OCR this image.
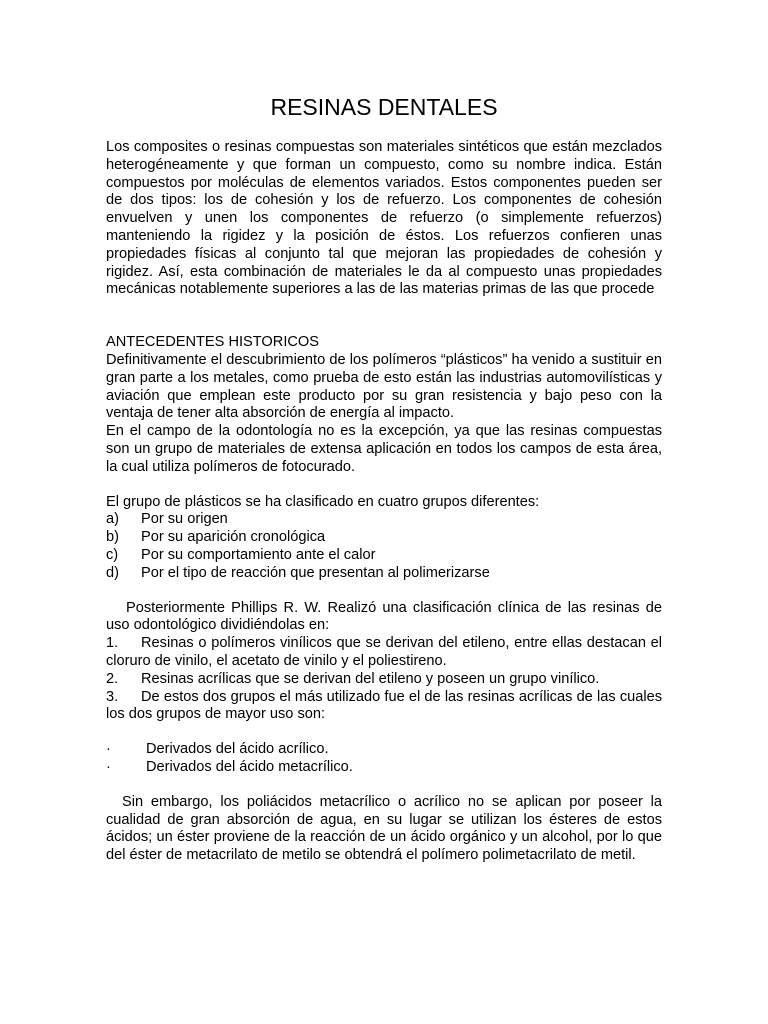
RESINAS DENTALES

Los composites o resinas compuestas son materiales sintéticos que están mezclados heterogéneamente y que forman un compuesto, como su nombre indica. Están compuestos por moléculas de elementos variados. Estos componentes pueden ser de dos tipos: los de cohesión y los de refuerzo. Los componentes de cohesión envuelven y unen los componentes de refuerzo (o simplemente refuerzos) manteniendo la rigidez y la posición de éstos. Los refuerzos confieren unas propiedades físicas al conjunto tal que mejoran las propiedades de cohesión y rigidez. Así, esta combinación de materiales le da al compuesto unas propiedades mecánicas notablemente superiores a las de las materias primas de las que procede

ANTECEDENTES HISTORICOS

Definitivamente el descubrimiento de los polímeros “plásticos” ha venido a sustituir en gran parte a los metales, como prueba de esto están las industrias automovilísticas y aviación que emplean este producto por su gran resistencia y bajo peso con la ventaja de tener alta absorción de energía al impacto.

En el campo de la odontología no es la excepción, ya que las resinas compuestas son un grupo de materiales de extensa aplicación en todos los campos de esta área, la cual utiliza polímeros de fotocurado.

El grupo de plásticos se ha clasificado en cuatro grupos diferentes:

a)	Por su origen
b)	Por su aparición cronológica
c)	Por su comportamiento ante el calor
d)	Por el tipo de reacción que presentan al polimerizarse

Posteriormente Phillips R. W. Realizó una clasificación clínica de las resinas de uso odontológico dividiéndolas en:

1. Resinas o polímeros vinílicos que se derivan del etileno, entre ellas destacan el cloruro de vinilo, el acetato de vinilo y el poliestireno.

2. Resinas acrílicas que se derivan del etileno y poseen un grupo vinílico.

3. De estos dos grupos el más utilizado fue el de las resinas acrílicas de las cuales los dos grupos de mayor uso son:

·	Derivados del ácido acrílico.
·	Derivados del ácido metacrílico.

Sin embargo, los poliácidos metacrílico o acrílico no se aplican por poseer la cualidad de gran absorción de agua, en su lugar se utilizan los ésteres de estos ácidos; un éster proviene de la reacción de un ácido orgánico y un alcohol, por lo que del éster de metacrilato de metilo se obtendrá el polímero polimetacrilato de metil.
